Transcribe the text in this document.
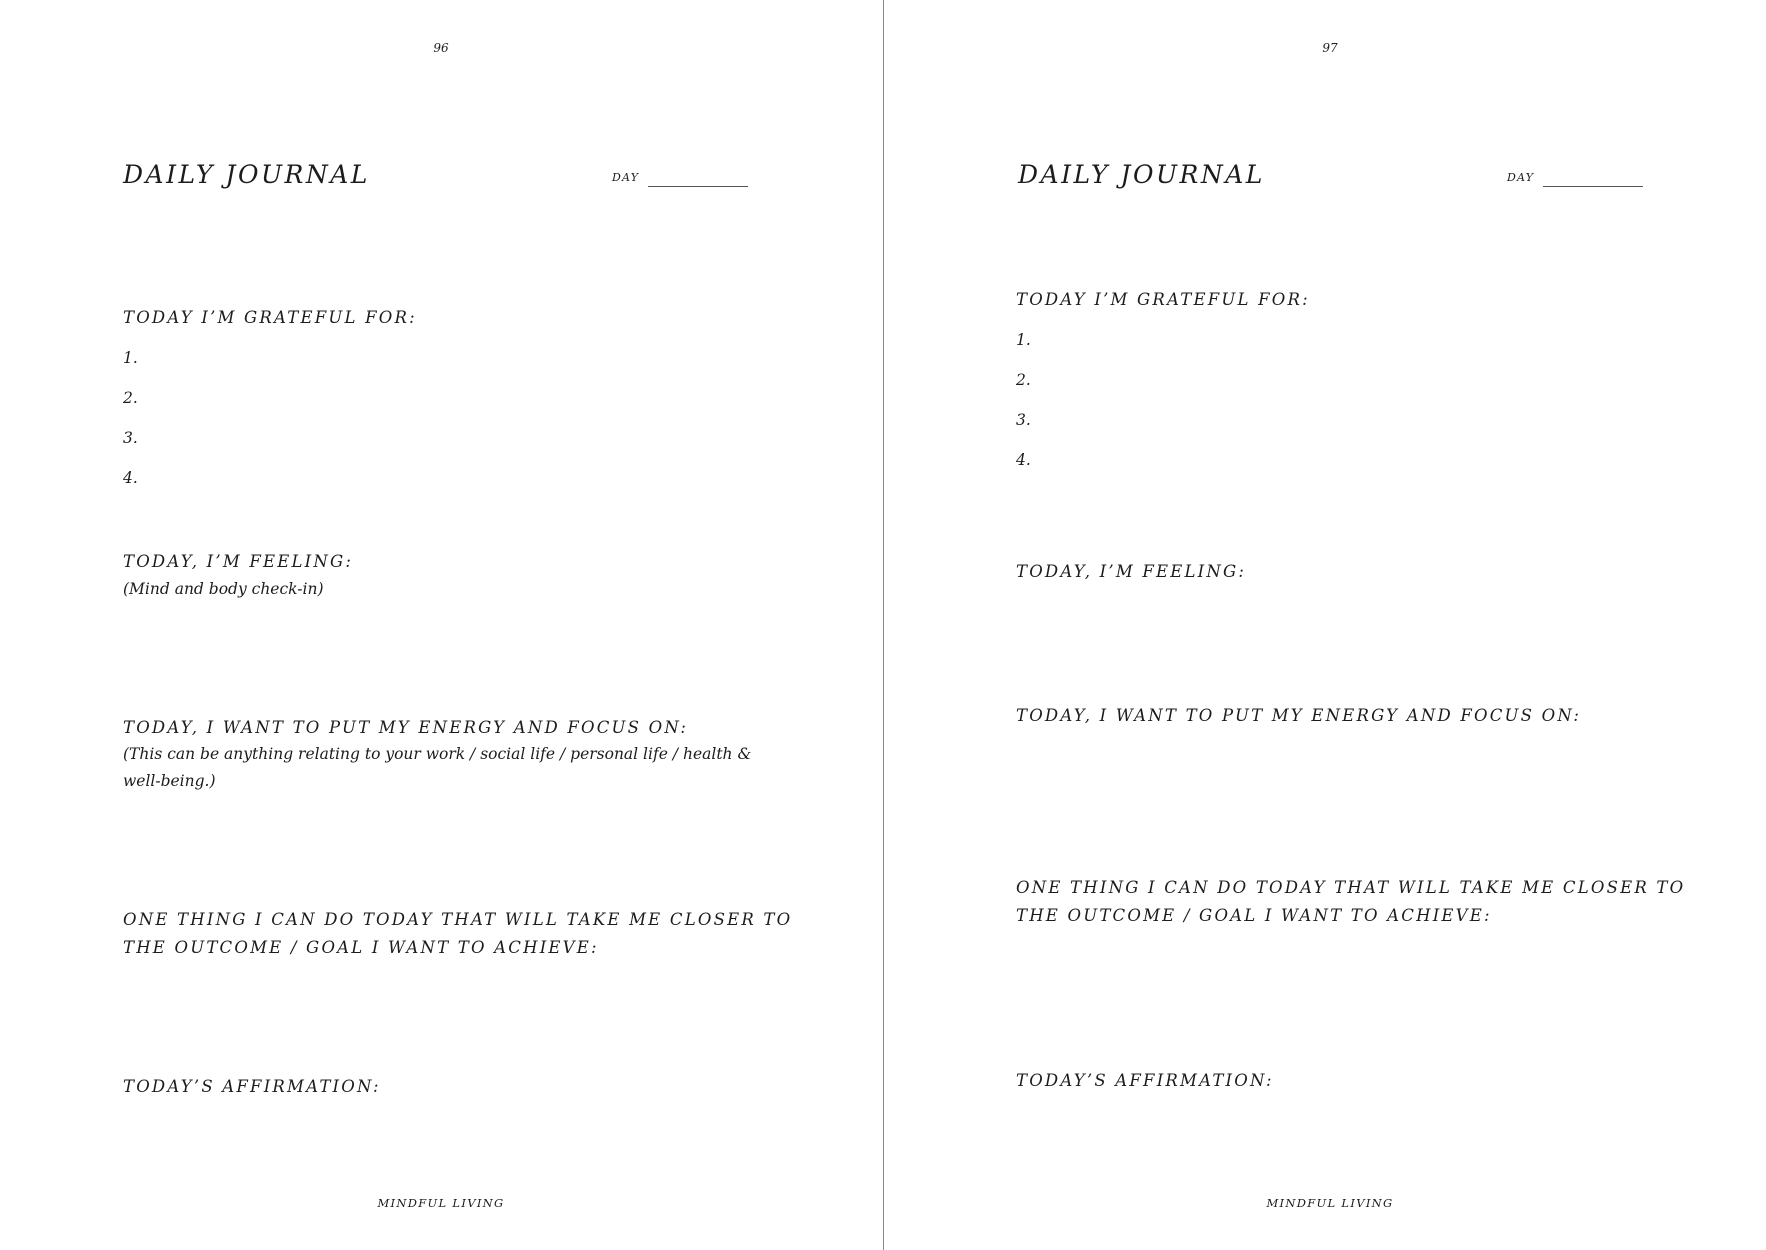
96
DAILY JOURNAL	DAY
TODAY I’M GRATEFUL FOR:
1.
2.
3.
4.
TODAY, I’M FEELING:
(Mind and body check-in)
TODAY, I WANT TO PUT MY ENERGY AND FOCUS ON:
(This can be anything relating to your work / social life / personal life / health &
well-being.)
ONE THING I CAN DO TODAY THAT WILL TAKE ME CLOSER TO
THE OUTCOME / GOAL I WANT TO ACHIEVE:
TODAY’S AFFIRMATION:
MINDFUL LIVING
97
DAILY JOURNAL	DAY
TODAY I’M GRATEFUL FOR:
1.
2.
3.
4.
TODAY, I’M FEELING:
TODAY, I WANT TO PUT MY ENERGY AND FOCUS ON:
ONE THING I CAN DO TODAY THAT WILL TAKE ME CLOSER TO
THE OUTCOME / GOAL I WANT TO ACHIEVE:
TODAY’S AFFIRMATION:
MINDFUL LIVING
